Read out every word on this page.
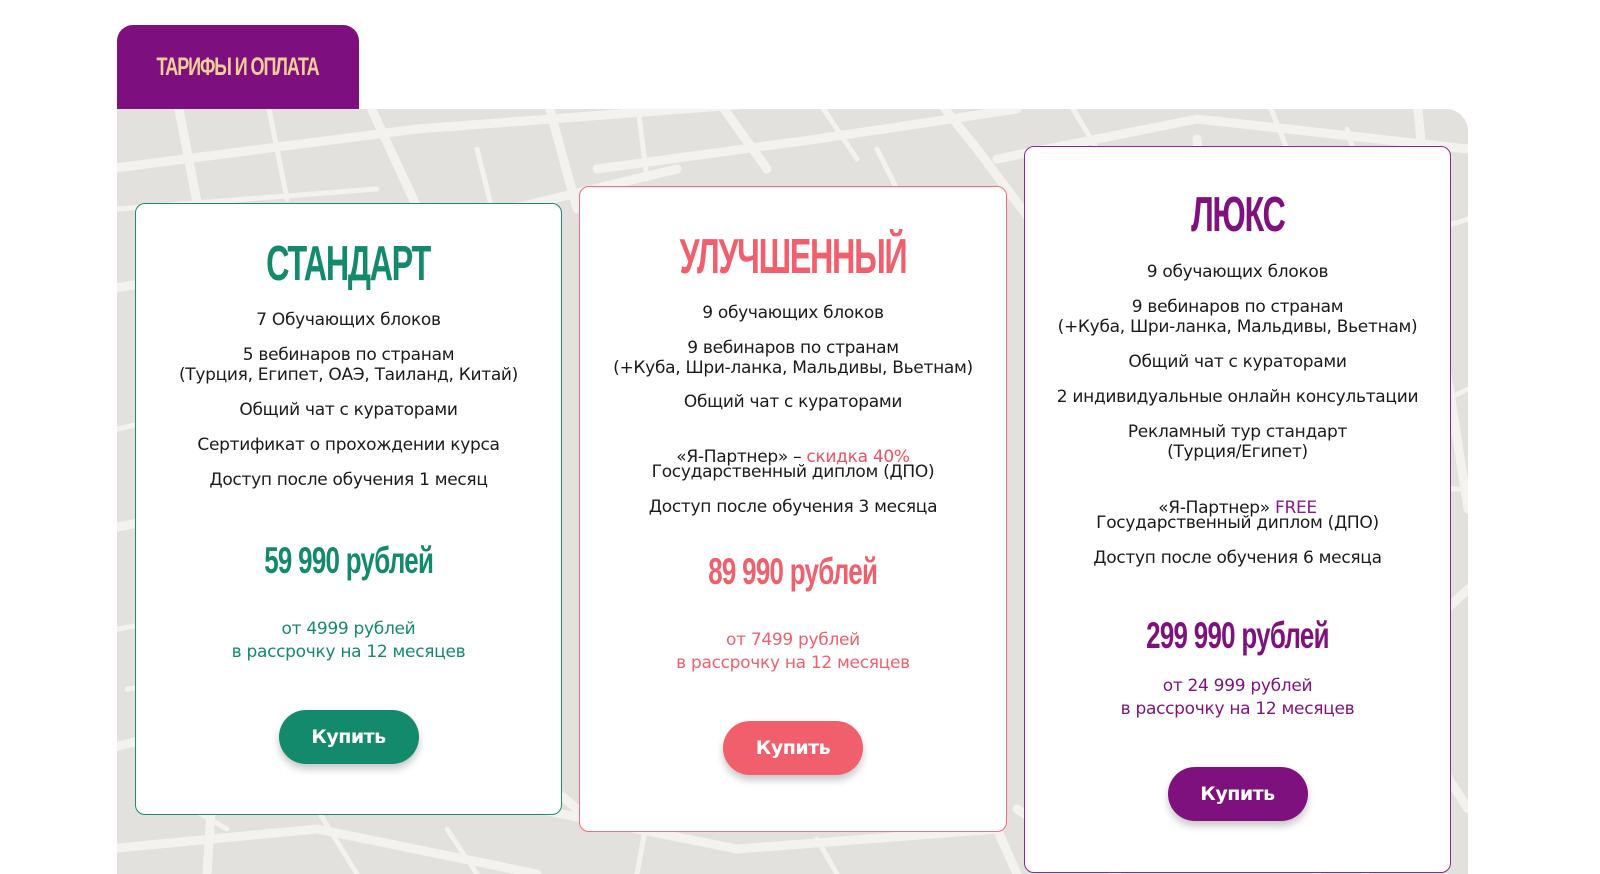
ТАРИФЫ И ОПЛАТА
СТАНДАРТ
7 Обучающих блоков
5 вебинаров по странам
(Турция, Египет, ОАЭ, Таиланд, Китай)
Общий чат с кураторами
Сертификат о прохождении курса
Доступ после обучения 1 месяц
59 990 рублей
от 4999 рублей
в рассрочку на 12 месяцев
Купить
УЛУЧШЕННЫЙ
9 обучающих блоков
9 вебинаров по странам
(+Куба, Шри-ланка, Мальдивы, Вьетнам)
Общий чат с кураторами

«Я-Партнер» – скидка 40%

Государственный диплом (ДПО)
Доступ после обучения 3 месяца
89 990 рублей
от 7499 рублей
в рассрочку на 12 месяцев
Купить
ЛЮКС
9 обучающих блоков
9 вебинаров по странам
(+Куба, Шри-ланка, Мальдивы, Вьетнам)
Общий чат с кураторами
2 индивидуальные онлайн консультации
Рекламный тур стандарт
(Турция/Египет)

«Я-Партнер» FREE

Государственный диплом (ДПО)
Доступ после обучения 6 месяца
299 990 рублей
от 24 999 рублей
в рассрочку на 12 месяцев
Купить
